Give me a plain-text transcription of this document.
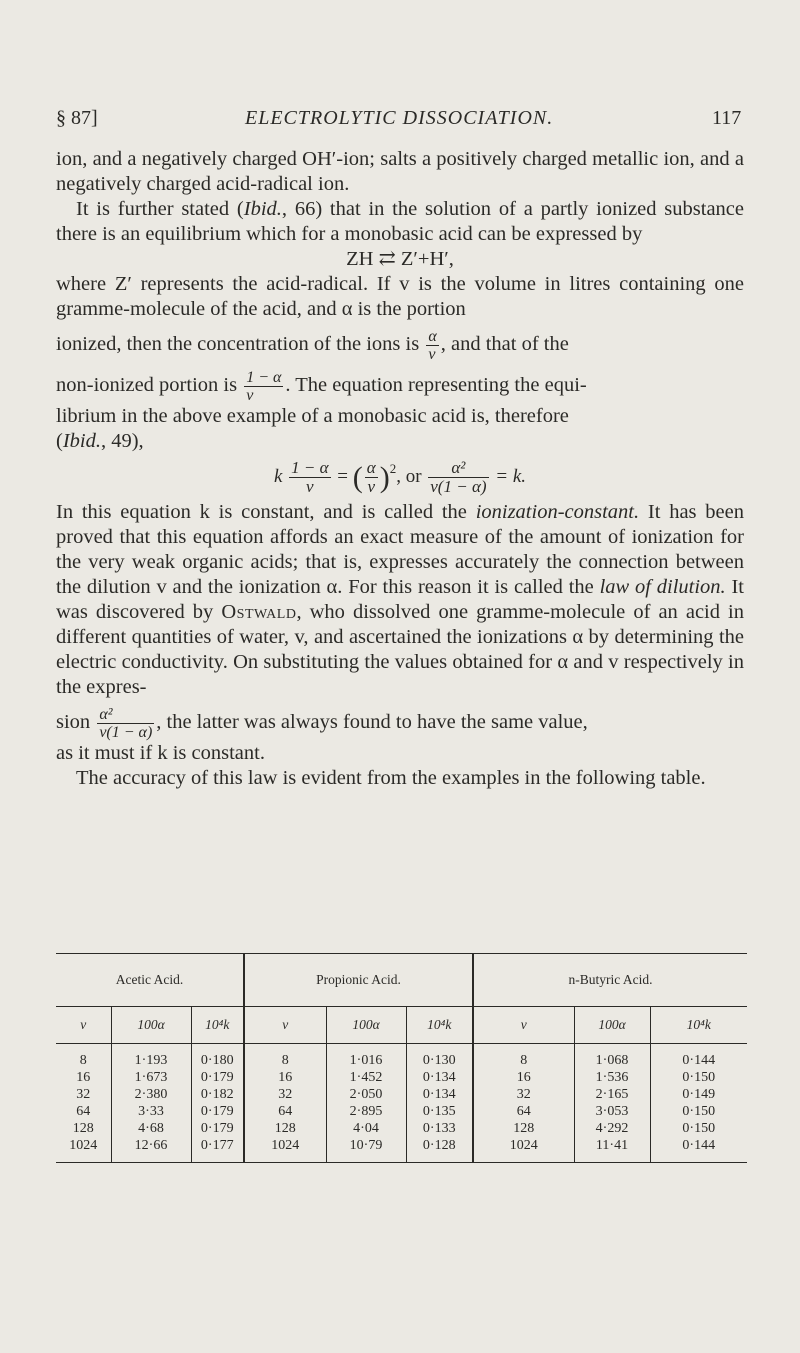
§ 87]	ELECTROLYTIC DISSOCIATION.	117

ion, and a negatively charged OH′-ion; salts a positively charged metallic ion, and a negatively charged acid-radical ion.

It is further stated (Ibid., 66) that in the solution of a partly ionized substance there is an equilibrium which for a monobasic acid can be expressed by

ZH ⇄ Z′+H′,

where Z′ represents the acid-radical. If v is the volume in litres containing one gramme-molecule of the acid, and α is the portion

ionized, then the concentration of the ions is $\frac{\alpha}{v}$ , and that of the

non-ionized portion is $\frac{1 - \alpha}{v}$ . The equation representing the equi-

librium in the above example of a monobasic acid is, therefore

(Ibid., 49),

k $\frac{1 - \alpha}{v}$ = ( $\frac{\alpha}{v} )^2$, or $\frac{\text{α²}}{v(1 - \alpha)} = k$.

In this equation k is constant, and is called the ionization-constant. It has been proved that this equation affords an exact measure of the amount of ionization for the very weak organic acids; that is, expresses accurately the connection between the dilution v and the ionization α. For this reason it is called the law of dilution. It was discovered by Ostwald, who dissolved one gramme-molecule of an acid in different quantities of water, v, and ascertained the ionizations α by determining the electric conductivity. On substituting the values obtained for α and v respectively in the expres-

sion $\frac{\text{α²}}{v(1 - \alpha)}$ , the latter was always found to have the same value,

as it must if k is constant.

The accuracy of this law is evident from the examples in the following table.

Acetic Acid.			Propionic Acid.			n-Butyric Acid.		
v	100α	10⁴k	v	100α	10⁴k	v	100α	10⁴k
8	1·193	0·180	8	1·016	0·130	8	1·068	0·144
16	1·673	0·179	16	1·452	0·134	16	1·536	0·150
32	2·380	0·182	32	2·050	0·134	32	2·165	0·149
64	3·33	0·179	64	2·895	0·135	64	3·053	0·150
128	4·68	0·179	128	4·04	0·133	128	4·292	0·150
1024	12·66	0·177	1024	10·79	0·128	1024	11·41	0·144
